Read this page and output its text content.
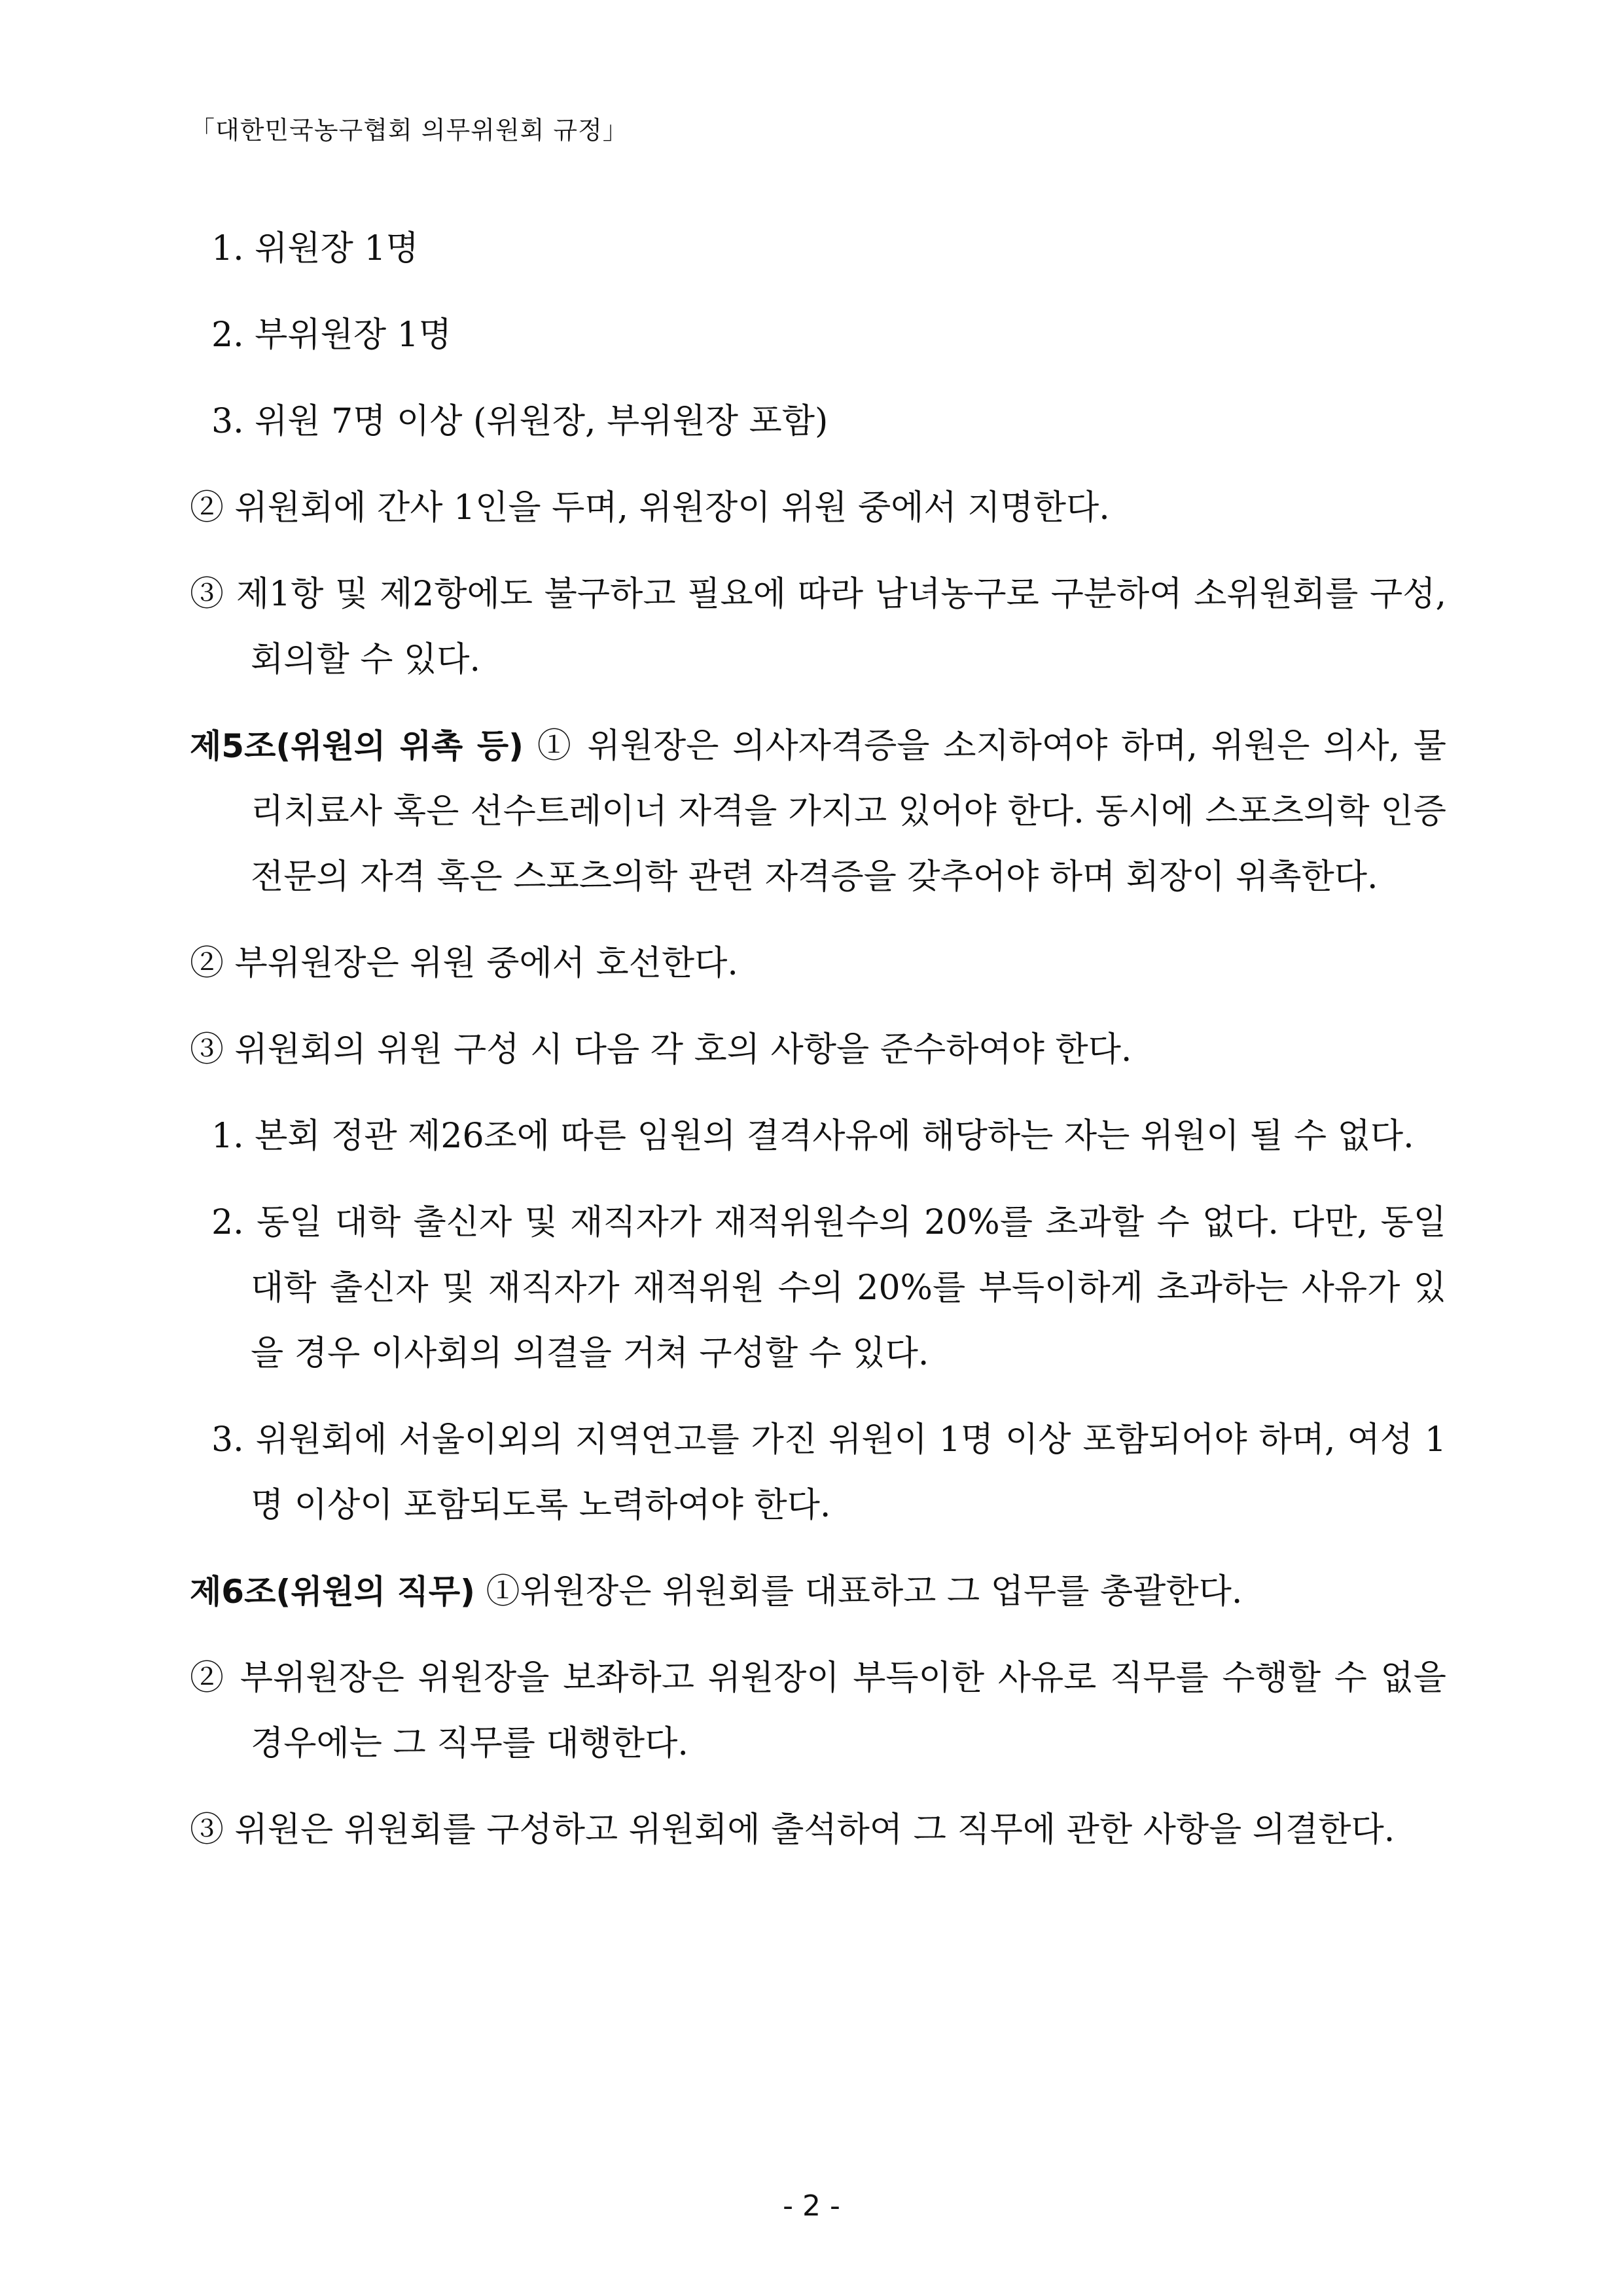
「대한민국농구협회 의무위원회 규정」

1. 위원장 1명

2. 부위원장 1명

3. 위원 7명 이상 (위원장, 부위원장 포함)

② 위원회에 간사 1인을 두며, 위원장이 위원 중에서 지명한다.

③ 제1항 및 제2항에도 불구하고 필요에 따라 남녀농구로 구분하여 소위원회를 구성, 회의할 수 있다.

제5조(위원의 위촉 등) ① 위원장은 의사자격증을 소지하여야 하며, 위원은 의사, 물리치료사 혹은 선수트레이너 자격을 가지고 있어야 한다. 동시에 스포츠의학 인증전문의 자격 혹은 스포츠의학 관련 자격증을 갖추어야 하며 회장이 위촉한다.

② 부위원장은 위원 중에서 호선한다.

③ 위원회의 위원 구성 시 다음 각 호의 사항을 준수하여야 한다.

1. 본회 정관 제26조에 따른 임원의 결격사유에 해당하는 자는 위원이 될 수 없다.

2. 동일 대학 출신자 및 재직자가 재적위원수의 20%를 초과할 수 없다. 다만, 동일대학 출신자 및 재직자가 재적위원 수의 20%를 부득이하게 초과하는 사유가 있을 경우 이사회의 의결을 거쳐 구성할 수 있다.

3. 위원회에 서울이외의 지역연고를 가진 위원이 1명 이상 포함되어야 하며, 여성 1명 이상이 포함되도록 노력하여야 한다.

제6조(위원의 직무) ①위원장은 위원회를 대표하고 그 업무를 총괄한다.

② 부위원장은 위원장을 보좌하고 위원장이 부득이한 사유로 직무를 수행할 수 없을 경우에는 그 직무를 대행한다.

③ 위원은 위원회를 구성하고 위원회에 출석하여 그 직무에 관한 사항을 의결한다.

- 2 -
